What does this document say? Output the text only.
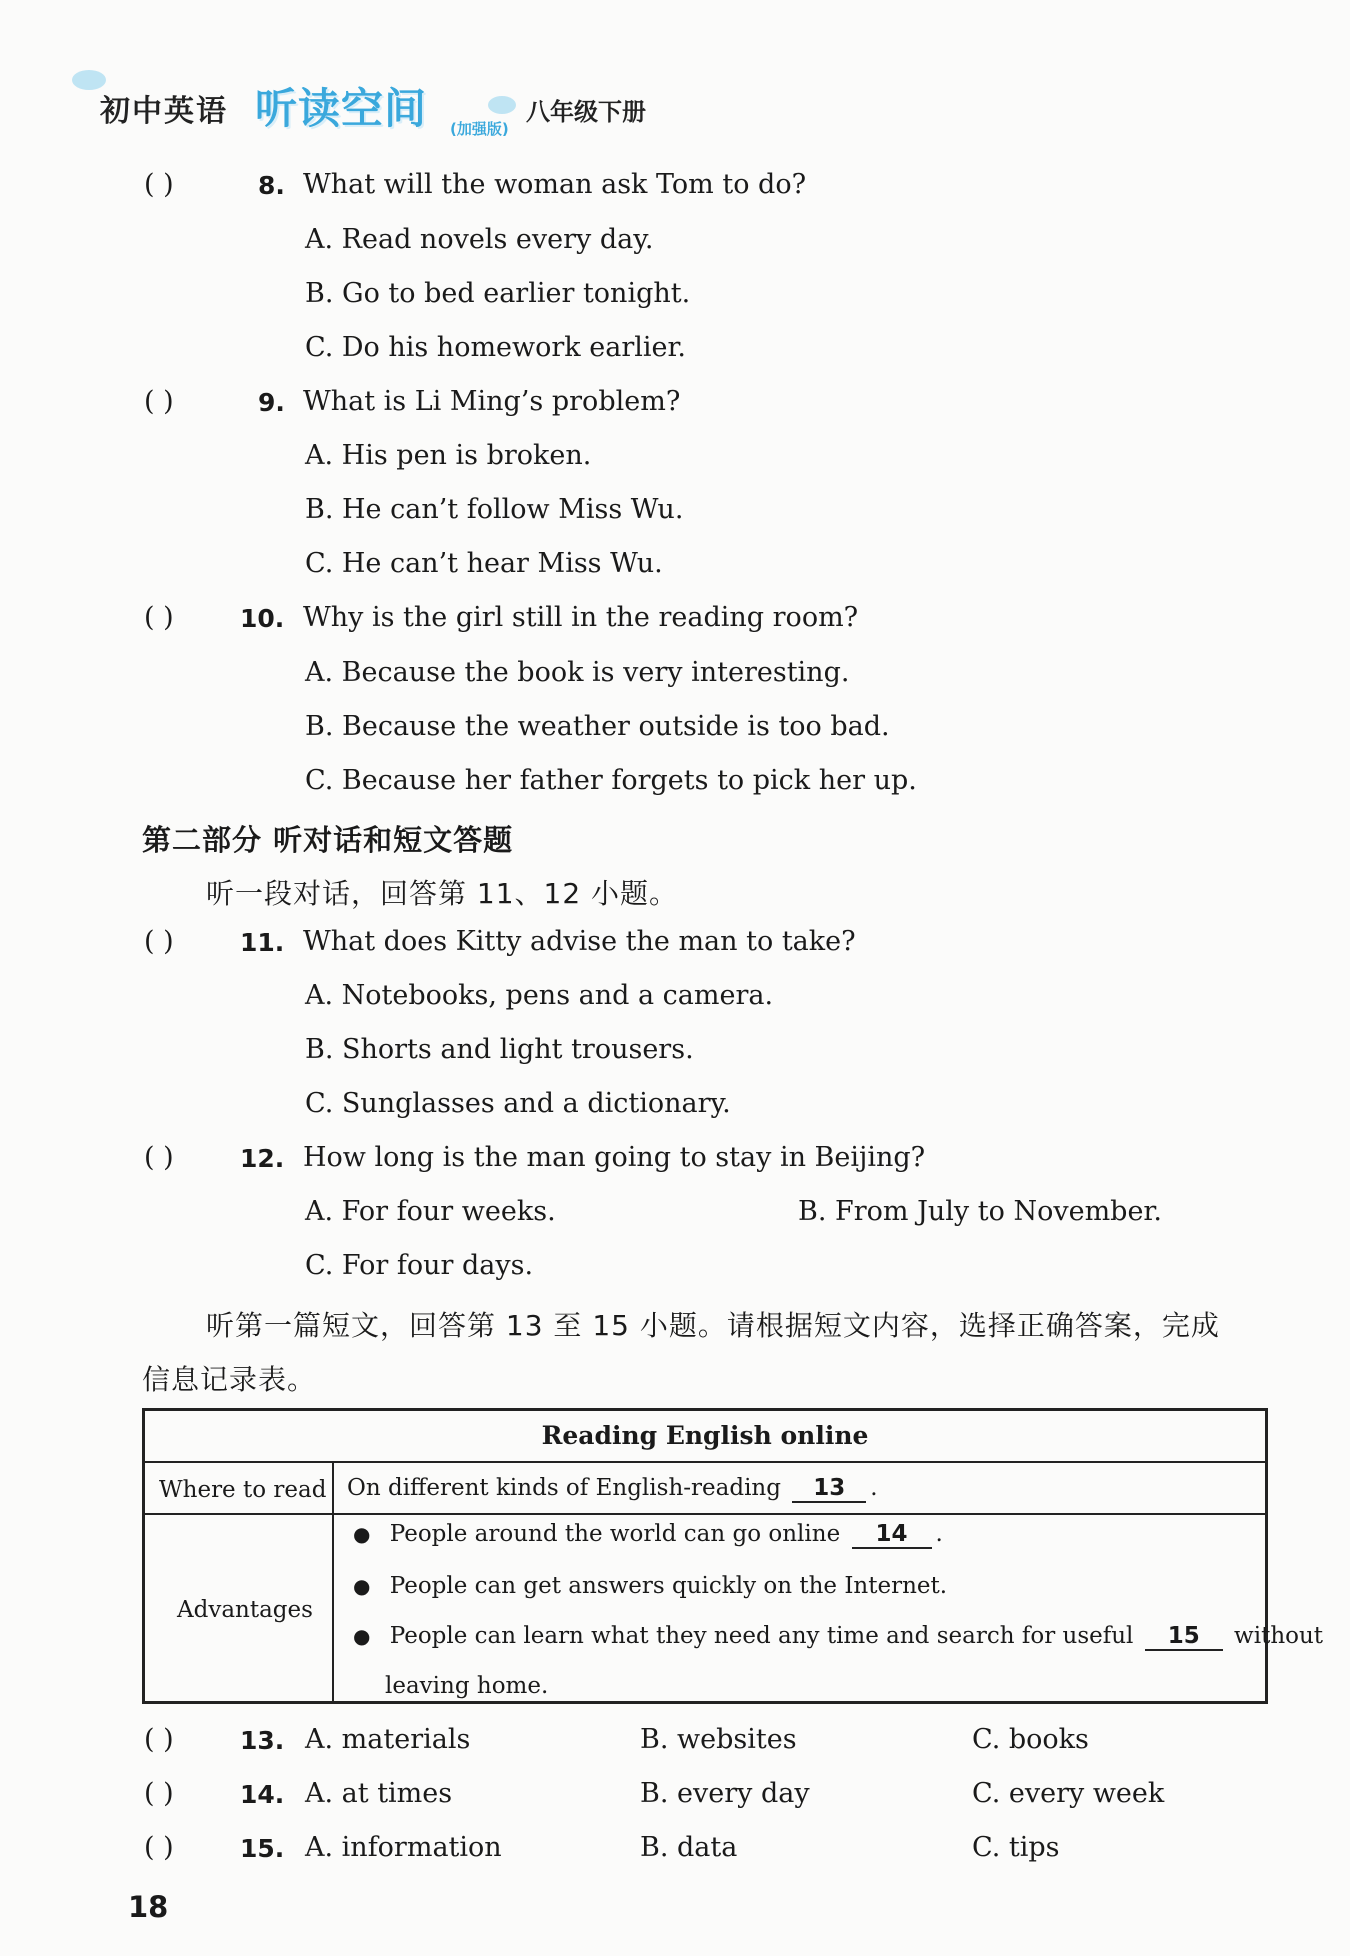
初中英语 听读空间 (加强版)
八年级下册
( )	8. What will the woman ask Tom to do?
A. Read novels every day.
B. Go to bed earlier tonight.
C. Do his homework earlier.
( )	9. What is Li Ming’s problem?
A. His pen is broken.
B. He can’t follow Miss Wu.
C. He can’t hear Miss Wu.
( )	10. Why is the girl still in the reading room?
A. Because the book is very interesting.
B. Because the weather outside is too bad.
C. Because her father forgets to pick her up.
第二部分 听对话和短文答题
听一段对话，回答第 11、12 小题。
( )	11. What does Kitty advise the man to take?
A. Notebooks, pens and a camera.
B. Shorts and light trousers.
C. Sunglasses and a dictionary.
( )	12. How long is the man going to stay in Beijing?
A. For four weeks.	B. From July to November.
C. For four days.
听第一篇短文，回答第 13 至 15 小题。请根据短文内容，选择正确答案，完成
信息记录表。
Reading English online
Where to read On different kinds of English-reading 13 .
Advantages
● People around the world can go online 14 .
● People can get answers quickly on the Internet.
● People can learn what they need any time and search for useful 15 without
leaving home.
( )	13. A. materials	B. websites	C. books
( )	14. A. at times	B. every day	C. every week
( )	15. A. information	B. data	C. tips
18
